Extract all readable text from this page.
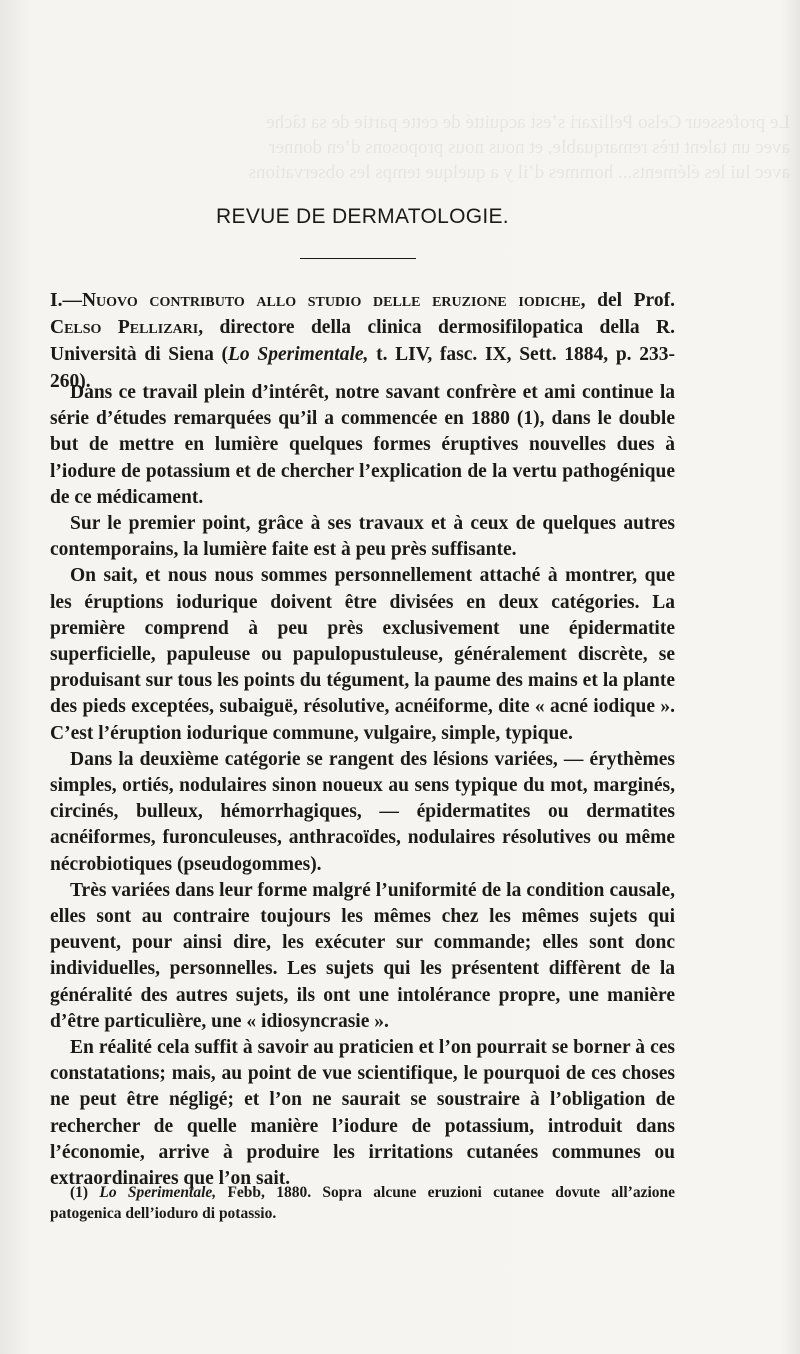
Le professeur Celso Pellizari s’est acquitté de cette partie de sa tâche
avec un talent très remarquable, et nous nous proposons d’en donner
avec lui les éléments... hommes d’il y a quelque temps les observations
REVUE DE DERMATOLOGIE.
I.—Nuovo contributo allo studio delle eruzione iodiche, del Prof. Celso Pellizari, directore della clinica dermosifilopatica della R. Università di Siena (Lo Sperimentale, t. LIV, fasc. IX, Sett. 1884, p. 233-260).

Dans ce travail plein d’intérêt, notre savant confrère et ami continue la série d’études remarquées qu’il a commencée en 1880 (1), dans le double but de mettre en lumière quelques formes éruptives nouvelles dues à l’iodure de potassium et de chercher l’explication de la vertu pathogénique de ce médicament.

Sur le premier point, grâce à ses travaux et à ceux de quelques autres contemporains, la lumière faite est à peu près suffisante.

On sait, et nous nous sommes personnellement attaché à montrer, que les éruptions iodurique doivent être divisées en deux catégories. La première comprend à peu près exclusivement une épidermatite superficielle, papuleuse ou papulopustuleuse, généralement discrète, se produisant sur tous les points du tégument, la paume des mains et la plante des pieds exceptées, subaiguë, résolutive, acnéiforme, dite « acné iodique ». C’est l’éruption iodurique commune, vulgaire, simple, typique.

Dans la deuxième catégorie se rangent des lésions variées, — érythèmes simples, ortiés, nodulaires sinon noueux au sens typique du mot, marginés, circinés, bulleux, hémorrhagiques, — épidermatites ou dermatites acnéiformes, furonculeuses, anthracoïdes, nodulaires résolutives ou même nécrobiotiques (pseudogommes).

Très variées dans leur forme malgré l’uniformité de la condition causale, elles sont au contraire toujours les mêmes chez les mêmes sujets qui peuvent, pour ainsi dire, les exécuter sur commande; elles sont donc individuelles, personnelles. Les sujets qui les présentent diffèrent de la généralité des autres sujets, ils ont une intolérance propre, une manière d’être particulière, une « idiosyncrasie ».

En réalité cela suffit à savoir au praticien et l’on pourrait se borner à ces constatations; mais, au point de vue scientifique, le pourquoi de ces choses ne peut être négligé; et l’on ne saurait se soustraire à l’obligation de rechercher de quelle manière l’iodure de potassium, introduit dans l’économie, arrive à produire les irritations cutanées communes ou extraordinaires que l’on sait.

(1) Lo Sperimentale, Febb, 1880. Sopra alcune eruzioni cutanee dovute all’azione patogenica dell’ioduro di potassio.
